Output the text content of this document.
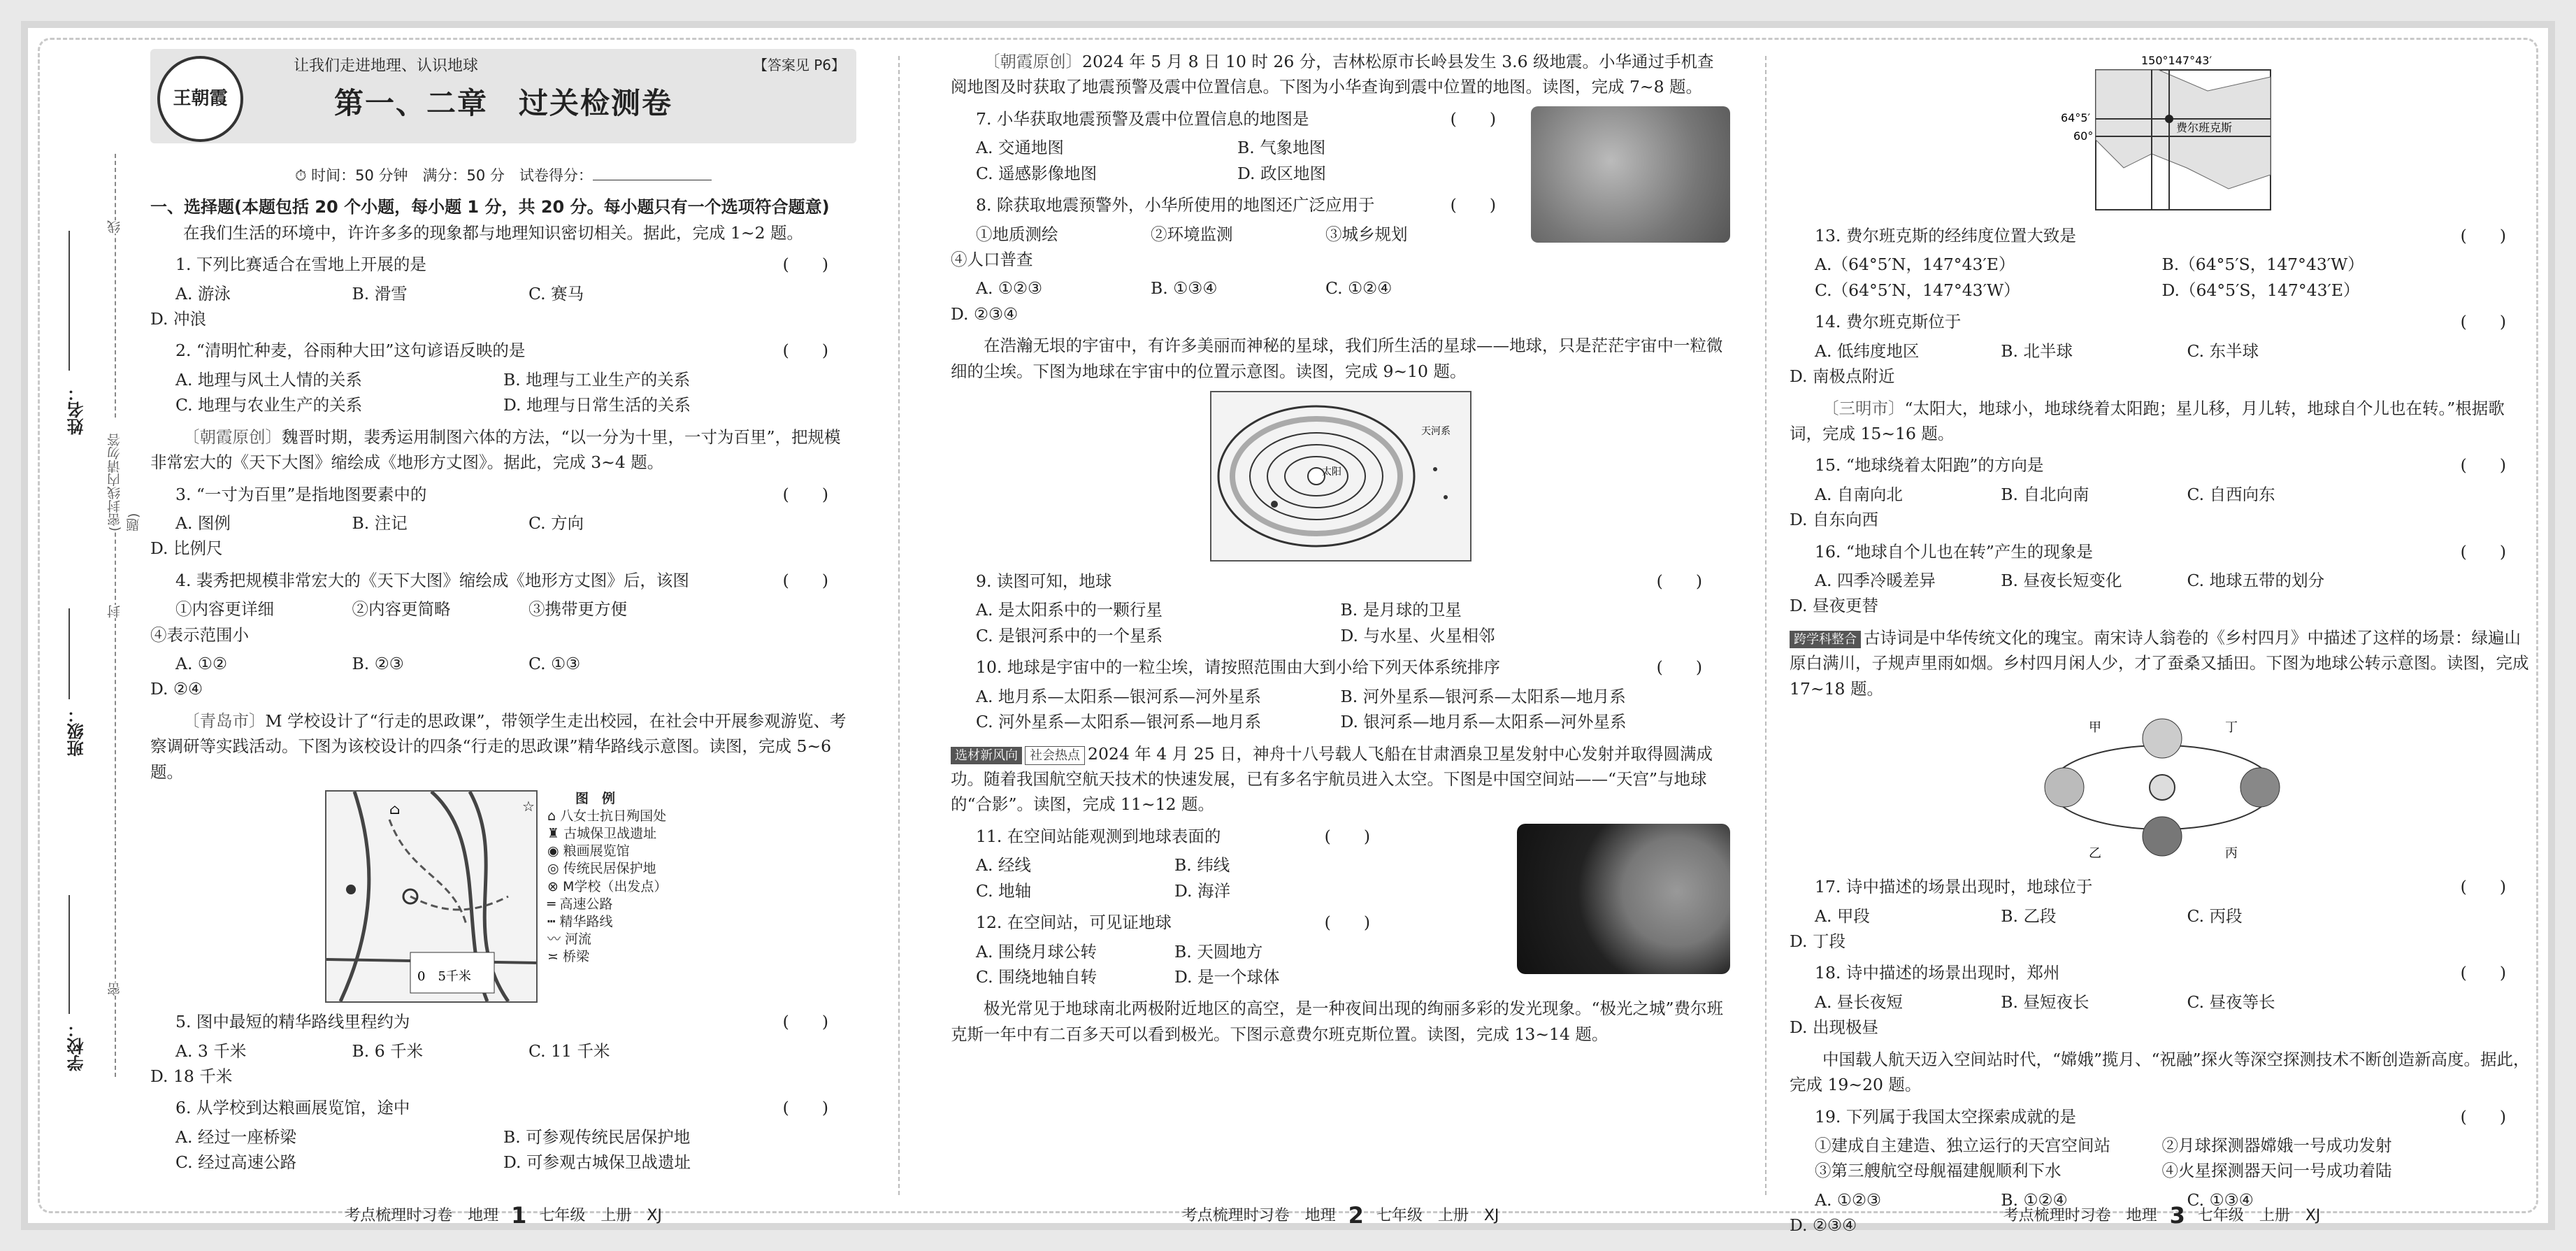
线
(密封线内请勿答题)
封
密
姓名：
班级：
学校：
王朝霞
让我们走进地理、认识地球	【答案见 P6】
第一、二章　过关检测卷
⏱ 时间：50 分钟　满分：50 分　试卷得分：

一、选择题(本题包括 20 个小题，每小题 1 分，共 20 分。每小题只有一个选项符合题意)

在我们生活的环境中，许许多多的现象都与地理知识密切相关。据此，完成 1~2 题。

1. 下列比赛适合在雪地上开展的是	(　　)

A. 游泳	B. 滑雪	C. 赛马
D. 冲浪

2. “清明忙种麦，谷雨种大田”这句谚语反映的是	(　　)

A. 地理与风土人情的关系	B. 地理与工业生产的关系
C. 地理与农业生产的关系	D. 地理与日常生活的关系

〔朝霞原创〕魏晋时期，裴秀运用制图六体的方法，“以一分为十里，一寸为百里”，把规模非常宏大的《天下大图》缩绘成《地形方丈图》。据此，完成 3~4 题。

3. “一寸为百里”是指地图要素中的	(　　)

A. 图例	B. 注记	C. 方向
D. 比例尺

4. 裴秀把规模非常宏大的《天下大图》缩绘成《地形方丈图》后，该图	(　　)

①内容更详细	②内容更简略	③携带更方便
④表示范围小
A. ①②	B. ②③	C. ①③
D. ②④

〔青岛市〕M 学校设计了“行走的思政课”，带领学生走出校园，在社会中开展参观游览、考察调研等实践活动。下图为该校设计的四条“行走的思政课”精华路线示意图。读图，完成 5~6 题。

☆
⌂
0　5千米
图　例
⌂ 八女士抗日殉国处
♜ 古城保卫战遗址
◉ 粮画展览馆
◎ 传统民居保护地
⊗ M学校（出发点）
═ 高速公路
┅ 精华路线
〰 河流
≍ 桥梁

5. 图中最短的精华路线里程约为	(　　)

A. 3 千米	B. 6 千米	C. 11 千米
D. 18 千米

6. 从学校到达粮画展览馆，途中	(　　)

A. 经过一座桥梁	B. 可参观传统民居保护地
C. 经过高速公路	D. 可参观古城保卫战遗址
考点梳理时习卷　地理 1 七年级　上册　XJ

〔朝霞原创〕2024 年 5 月 8 日 10 时 26 分，吉林松原市长岭县发生 3.6 级地震。小华通过手机查阅地图及时获取了地震预警及震中位置信息。下图为小华查询到震中位置的地图。读图，完成 7~8 题。

7. 小华获取地震预警及震中位置信息的地图是	(　　)

A. 交通地图	B. 气象地图
C. 遥感影像地图	D. 政区地图

8. 除获取地震预警外，小华所使用的地图还广泛应用于	(　　)

①地质测绘	②环境监测	③城乡规划
④人口普查
A. ①②③	B. ①③④	C. ①②④
D. ②③④

在浩瀚无垠的宇宙中，有许多美丽而神秘的星球，我们所生活的星球——地球，只是茫茫宇宙中一粒微细的尘埃。下图为地球在宇宙中的位置示意图。读图，完成 9~10 题。

太阳
天河系

9. 读图可知，地球	(　　)

A. 是太阳系中的一颗行星	B. 是月球的卫星
C. 是银河系中的一个星系	D. 与水星、火星相邻

10. 地球是宇宙中的一粒尘埃，请按照范围由大到小给下列天体系统排序	(　　)

A. 地月系—太阳系—银河系—河外星系	B. 河外星系—银河系—太阳系—地月系
C. 河外星系—太阳系—银河系—地月系	D. 银河系—地月系—太阳系—河外星系

选材新风向 社会热点 2024 年 4 月 25 日，神舟十八号载人飞船在甘肃酒泉卫星发射中心发射并取得圆满成功。随着我国航空航天技术的快速发展，已有多名宇航员进入太空。下图是中国空间站——“天宫”与地球的“合影”。读图，完成 11~12 题。

11. 在空间站能观测到地球表面的	(　　)

A. 经线	B. 纬线
C. 地轴	D. 海洋

12. 在空间站，可见证地球	(　　)

A. 围绕月球公转	B. 天圆地方
C. 围绕地轴自转	D. 是一个球体

极光常见于地球南北两极附近地区的高空，是一种夜间出现的绚丽多彩的发光现象。“极光之城”费尔班克斯一年中有二百多天可以看到极光。下图示意费尔班克斯位置。读图，完成 13~14 题。

考点梳理时习卷　地理 2 七年级　上册　XJ
150°147°43′
费尔班克斯
64°5′
60°

13. 费尔班克斯的经纬度位置大致是	(　　)

A.（64°5′N，147°43′E）	B.（64°5′S，147°43′W）
C.（64°5′N，147°43′W）	D.（64°5′S，147°43′E）

14. 费尔班克斯位于	(　　)

A. 低纬度地区	B. 北半球	C. 东半球
D. 南极点附近

〔三明市〕“太阳大，地球小，地球绕着太阳跑；星儿移，月儿转，地球自个儿也在转。”根据歌词，完成 15~16 题。

15. “地球绕着太阳跑”的方向是	(　　)

A. 自南向北	B. 自北向南	C. 自西向东
D. 自东向西

16. “地球自个儿也在转”产生的现象是	(　　)

A. 四季冷暖差异	B. 昼夜长短变化	C. 地球五带的划分
D. 昼夜更替

跨学科整合 古诗词是中华传统文化的瑰宝。南宋诗人翁卷的《乡村四月》中描述了这样的场景：绿遍山原白满川，子规声里雨如烟。乡村四月闲人少，才了蚕桑又插田。下图为地球公转示意图。读图，完成 17~18 题。

甲	丁
乙	丙

17. 诗中描述的场景出现时，地球位于	(　　)

A. 甲段	B. 乙段	C. 丙段
D. 丁段

18. 诗中描述的场景出现时，郑州	(　　)

A. 昼长夜短	B. 昼短夜长	C. 昼夜等长
D. 出现极昼

中国载人航天迈入空间站时代，“嫦娥”揽月、“祝融”探火等深空探测技术不断创造新高度。据此，完成 19~20 题。

19. 下列属于我国太空探索成就的是	(　　)

①建成自主建造、独立运行的天宫空间站	②月球探测器嫦娥一号成功发射
③第三艘航空母舰福建舰顺利下水	④火星探测器天问一号成功着陆
A. ①②③	B. ①②④	C. ①③④
D. ②③④	考点梳理时习卷　地理 3 七年级　上册　XJ
